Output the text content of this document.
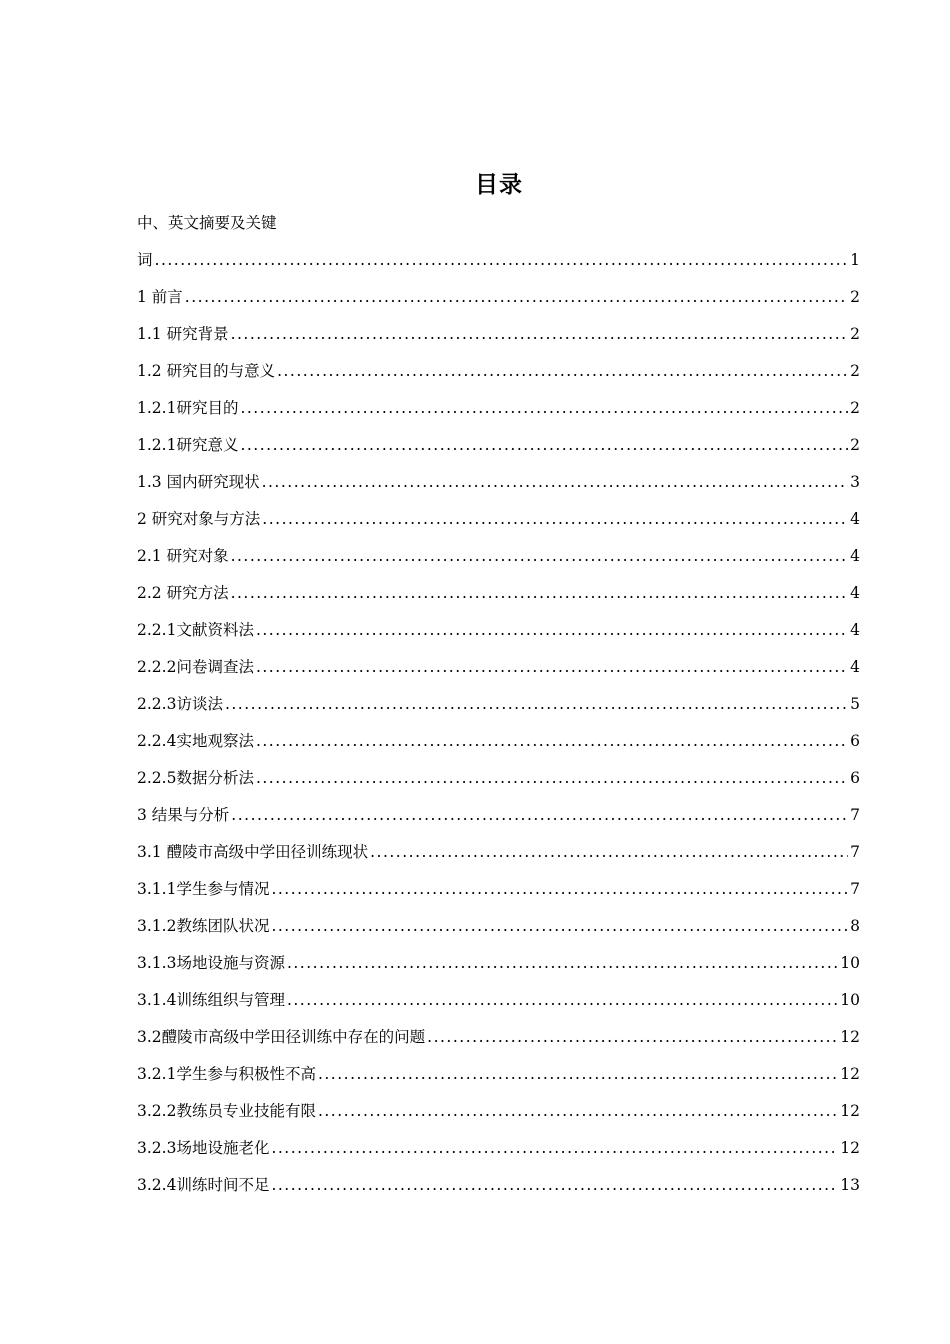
目录
中、英文摘要及关键
词 .....	1
1 前言 .....	2
1.1 研究背景 .....	2
1.2 研究目的与意义 .....	2
1.2.1研究目的 .....	2
1.2.1研究意义 .....	2
1.3 国内研究现状 .....	3
2 研究对象与方法 .....	4
2.1 研究对象 .....	4
2.2 研究方法 .....	4
2.2.1文献资料法 .....	4
2.2.2问卷调查法 .....	4
2.2.3访谈法 .....	5
2.2.4实地观察法 .....	6
2.2.5数据分析法 .....	6
3 结果与分析 .....	7
3.1 醴陵市高级中学田径训练现状 .....	7
3.1.1学生参与情况 .....	7
3.1.2教练团队状况 .....	8
3.1.3场地设施与资源 .....	10
3.1.4训练组织与管理 .....	10
3.2醴陵市高级中学田径训练中存在的问题 .....	12
3.2.1学生参与积极性不高 .....	12
3.2.2教练员专业技能有限 .....	12
3.2.3场地设施老化 .....	12
3.2.4训练时间不足 .....	13
